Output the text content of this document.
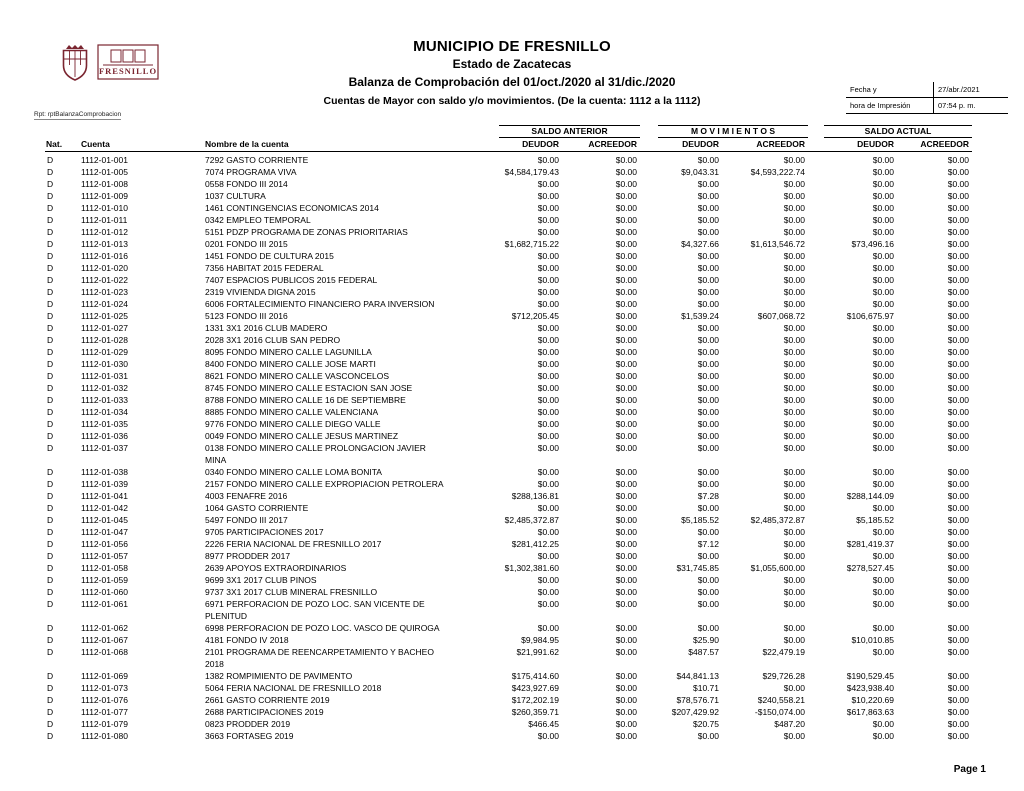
FRESNILLO
MUNICIPIO DE FRESNILLO
Estado de Zacatecas
Balanza de Comprobación del 01/oct./2020 al 31/dic./2020
Cuentas de Mayor con saldo y/o movimientos. (De la cuenta: 1112 a la 1112)
Fecha y	27/abr./2021
hora de Impresión	07:54 p. m.
Rpt: rptBalanzaComprobacion

			SALDO ANTERIOR		M O V I M I E N T O S		SALDO ACTUAL	

Nat.	Cuenta	Nombre de la cuenta	DEUDOR	ACREEDOR	DEUDOR	ACREEDOR	DEUDOR	ACREEDOR
D	1112-01-001	7292 GASTO CORRIENTE	$0.00	$0.00	$0.00	$0.00	$0.00	$0.00
D	1112-01-005	7074 PROGRAMA VIVA	$4,584,179.43	$0.00	$9,043.31	$4,593,222.74	$0.00	$0.00
D	1112-01-008	0558 FONDO III 2014	$0.00	$0.00	$0.00	$0.00	$0.00	$0.00
D	1112-01-009	1037 CULTURA	$0.00	$0.00	$0.00	$0.00	$0.00	$0.00
D	1112-01-010	1461 CONTINGENCIAS ECONOMICAS 2014	$0.00	$0.00	$0.00	$0.00	$0.00	$0.00
D	1112-01-011	0342 EMPLEO TEMPORAL	$0.00	$0.00	$0.00	$0.00	$0.00	$0.00
D	1112-01-012	5151 PDZP PROGRAMA DE ZONAS PRIORITARIAS	$0.00	$0.00	$0.00	$0.00	$0.00	$0.00
D	1112-01-013	0201 FONDO III 2015	$1,682,715.22	$0.00	$4,327.66	$1,613,546.72	$73,496.16	$0.00
D	1112-01-016	1451 FONDO DE CULTURA 2015	$0.00	$0.00	$0.00	$0.00	$0.00	$0.00
D	1112-01-020	7356 HABITAT 2015 FEDERAL	$0.00	$0.00	$0.00	$0.00	$0.00	$0.00
D	1112-01-022	7407 ESPACIOS PUBLICOS 2015 FEDERAL	$0.00	$0.00	$0.00	$0.00	$0.00	$0.00
D	1112-01-023	2319 VIVIENDA DIGNA 2015	$0.00	$0.00	$0.00	$0.00	$0.00	$0.00
D	1112-01-024	6006 FORTALECIMIENTO FINANCIERO PARA INVERSION	$0.00	$0.00	$0.00	$0.00	$0.00	$0.00
D	1112-01-025	5123 FONDO III 2016	$712,205.45	$0.00	$1,539.24	$607,068.72	$106,675.97	$0.00
D	1112-01-027	1331 3X1 2016 CLUB MADERO	$0.00	$0.00	$0.00	$0.00	$0.00	$0.00
D	1112-01-028	2028 3X1 2016 CLUB SAN PEDRO	$0.00	$0.00	$0.00	$0.00	$0.00	$0.00
D	1112-01-029	8095 FONDO MINERO CALLE LAGUNILLA	$0.00	$0.00	$0.00	$0.00	$0.00	$0.00
D	1112-01-030	8400 FONDO MINERO CALLE JOSE MARTI	$0.00	$0.00	$0.00	$0.00	$0.00	$0.00
D	1112-01-031	8621 FONDO MINERO CALLE VASCONCELOS	$0.00	$0.00	$0.00	$0.00	$0.00	$0.00
D	1112-01-032	8745 FONDO MINERO CALLE ESTACION SAN JOSE	$0.00	$0.00	$0.00	$0.00	$0.00	$0.00
D	1112-01-033	8788 FONDO MINERO CALLE 16 DE SEPTIEMBRE	$0.00	$0.00	$0.00	$0.00	$0.00	$0.00
D	1112-01-034	8885 FONDO MINERO CALLE VALENCIANA	$0.00	$0.00	$0.00	$0.00	$0.00	$0.00
D	1112-01-035	9776 FONDO MINERO CALLE DIEGO VALLE	$0.00	$0.00	$0.00	$0.00	$0.00	$0.00
D	1112-01-036	0049 FONDO MINERO CALLE JESUS MARTINEZ	$0.00	$0.00	$0.00	$0.00	$0.00	$0.00
D	1112-01-037	0138 FONDO MINERO CALLE PROLONGACION JAVIER MINA	$0.00	$0.00	$0.00	$0.00	$0.00	$0.00
D	1112-01-038	0340 FONDO MINERO CALLE LOMA BONITA	$0.00	$0.00	$0.00	$0.00	$0.00	$0.00
D	1112-01-039	2157 FONDO MINERO CALLE EXPROPIACION PETROLERA	$0.00	$0.00	$0.00	$0.00	$0.00	$0.00
D	1112-01-041	4003 FENAFRE 2016	$288,136.81	$0.00	$7.28	$0.00	$288,144.09	$0.00
D	1112-01-042	1064 GASTO CORRIENTE	$0.00	$0.00	$0.00	$0.00	$0.00	$0.00
D	1112-01-045	5497 FONDO III 2017	$2,485,372.87	$0.00	$5,185.52	$2,485,372.87	$5,185.52	$0.00
D	1112-01-047	9705 PARTICIPACIONES 2017	$0.00	$0.00	$0.00	$0.00	$0.00	$0.00
D	1112-01-056	2226 FERIA NACIONAL DE FRESNILLO 2017	$281,412.25	$0.00	$7.12	$0.00	$281,419.37	$0.00
D	1112-01-057	8977 PRODDER 2017	$0.00	$0.00	$0.00	$0.00	$0.00	$0.00
D	1112-01-058	2639 APOYOS EXTRAORDINARIOS	$1,302,381.60	$0.00	$31,745.85	$1,055,600.00	$278,527.45	$0.00
D	1112-01-059	9699 3X1 2017 CLUB PINOS	$0.00	$0.00	$0.00	$0.00	$0.00	$0.00
D	1112-01-060	9737 3X1 2017 CLUB MINERAL FRESNILLO	$0.00	$0.00	$0.00	$0.00	$0.00	$0.00
D	1112-01-061	6971 PERFORACION DE POZO LOC. SAN VICENTE DE PLENITUD	$0.00	$0.00	$0.00	$0.00	$0.00	$0.00
D	1112-01-062	6998 PERFORACION DE POZO LOC. VASCO DE QUIROGA	$0.00	$0.00	$0.00	$0.00	$0.00	$0.00
D	1112-01-067	4181 FONDO IV 2018	$9,984.95	$0.00	$25.90	$0.00	$10,010.85	$0.00
D	1112-01-068	2101 PROGRAMA DE REENCARPETAMIENTO Y BACHEO 2018	$21,991.62	$0.00	$487.57	$22,479.19	$0.00	$0.00
D	1112-01-069	1382 ROMPIMIENTO DE PAVIMENTO	$175,414.60	$0.00	$44,841.13	$29,726.28	$190,529.45	$0.00
D	1112-01-073	5064 FERIA NACIONAL DE FRESNILLO 2018	$423,927.69	$0.00	$10.71	$0.00	$423,938.40	$0.00
D	1112-01-076	2661 GASTO CORRIENTE 2019	$172,202.19	$0.00	$78,576.71	$240,558.21	$10,220.69	$0.00
D	1112-01-077	2688 PARTICIPACIONES 2019	$260,359.71	$0.00	$207,429.92	-$150,074.00	$617,863.63	$0.00
D	1112-01-079	0823 PRODDER 2019	$466.45	$0.00	$20.75	$487.20	$0.00	$0.00
D	1112-01-080	3663 FORTASEG 2019	$0.00	$0.00	$0.00	$0.00	$0.00	$0.00
Page 1
